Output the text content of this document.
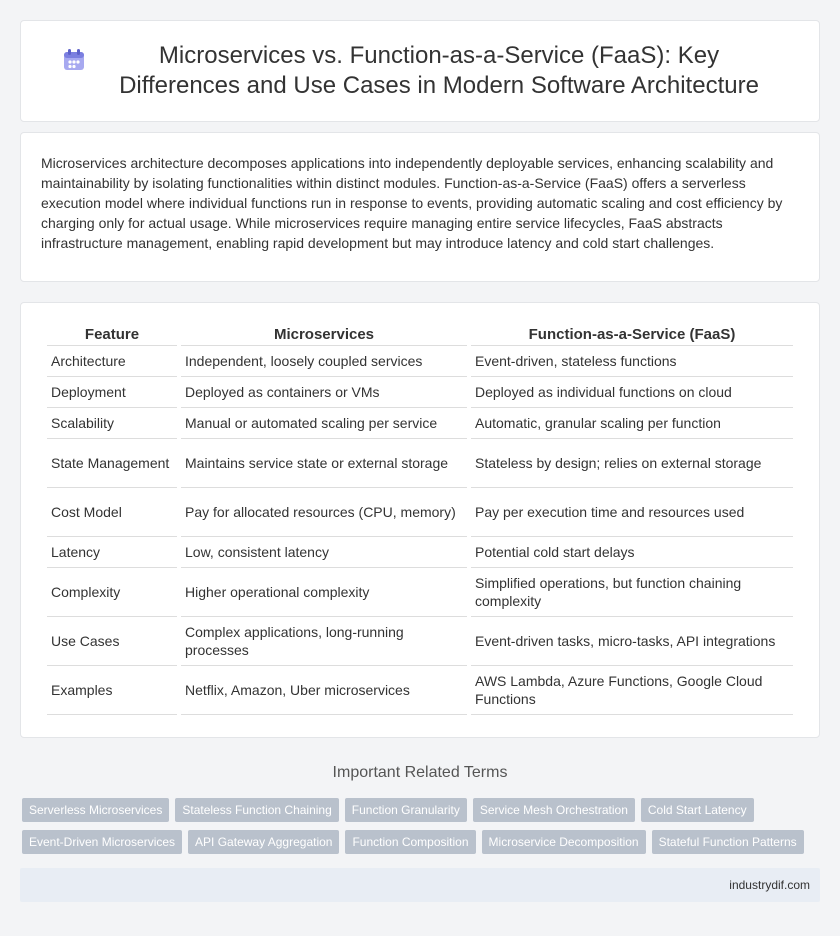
Microservices vs. Function-as-a-Service (FaaS): Key Differences and Use Cases in Modern Software Architecture

Microservices architecture decomposes applications into independently deployable services, enhancing scalability and maintainability by isolating functionalities within distinct modules. Function-as-a-Service (FaaS) offers a serverless execution model where individual functions run in response to events, providing automatic scaling and cost efficiency by charging only for actual usage. While microservices require managing entire service lifecycles, FaaS abstracts infrastructure management, enabling rapid development but may introduce latency and cold start challenges.

Feature	Microservices	Function-as-a-Service (FaaS)
Architecture	Independent, loosely coupled services	Event-driven, stateless functions
Deployment	Deployed as containers or VMs	Deployed as individual functions on cloud
Scalability	Manual or automated scaling per service	Automatic, granular scaling per function
State Management	Maintains service state or external storage	Stateless by design; relies on external storage
Cost Model	Pay for allocated resources (CPU, memory)	Pay per execution time and resources used
Latency	Low, consistent latency	Potential cold start delays
Complexity	Higher operational complexity	Simplified operations, but function chaining complexity
Use Cases	Complex applications, long-running processes	Event-driven tasks, micro-tasks, API integrations
Examples	Netflix, Amazon, Uber microservices	AWS Lambda, Azure Functions, Google Cloud Functions
Important Related Terms
Serverless Microservices	Stateless Function Chaining	Function Granularity	Service Mesh Orchestration	Cold Start Latency
Event-Driven Microservices	API Gateway Aggregation	Function Composition	Microservice Decomposition	Stateful Function Patterns
industrydif.com
